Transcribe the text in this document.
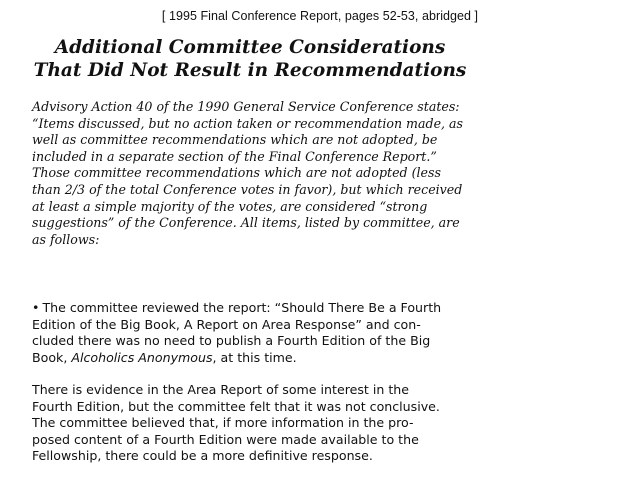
[ 1995 Final Conference Report, pages 52-53, abridged ]
Additional Committee Considerations
That Did Not Result in Recommendations
Advisory Action 40 of the 1990 General Service Conference states:
“Items discussed, but no action taken or recommendation made, as
well as committee recommendations which are not adopted, be
included in a separate section of the Final Conference Report.”
Those committee recommendations which are not adopted (less
than 2/3 of the total Conference votes in favor), but which received
at least a simple majority of the votes, are considered “strong
suggestions” of the Conference. All items, listed by committee, are
as follows:
• The committee reviewed the report: “Should There Be a Fourth
Edition of the Big Book, A Report on Area Response” and con-
cluded there was no need to publish a Fourth Edition of the Big
Book, Alcoholics Anonymous, at this time.
There is evidence in the Area Report of some interest in the
Fourth Edition, but the committee felt that it was not conclusive.
The committee believed that, if more information in the pro-
posed content of a Fourth Edition were made available to the
Fellowship, there could be a more definitive response.
